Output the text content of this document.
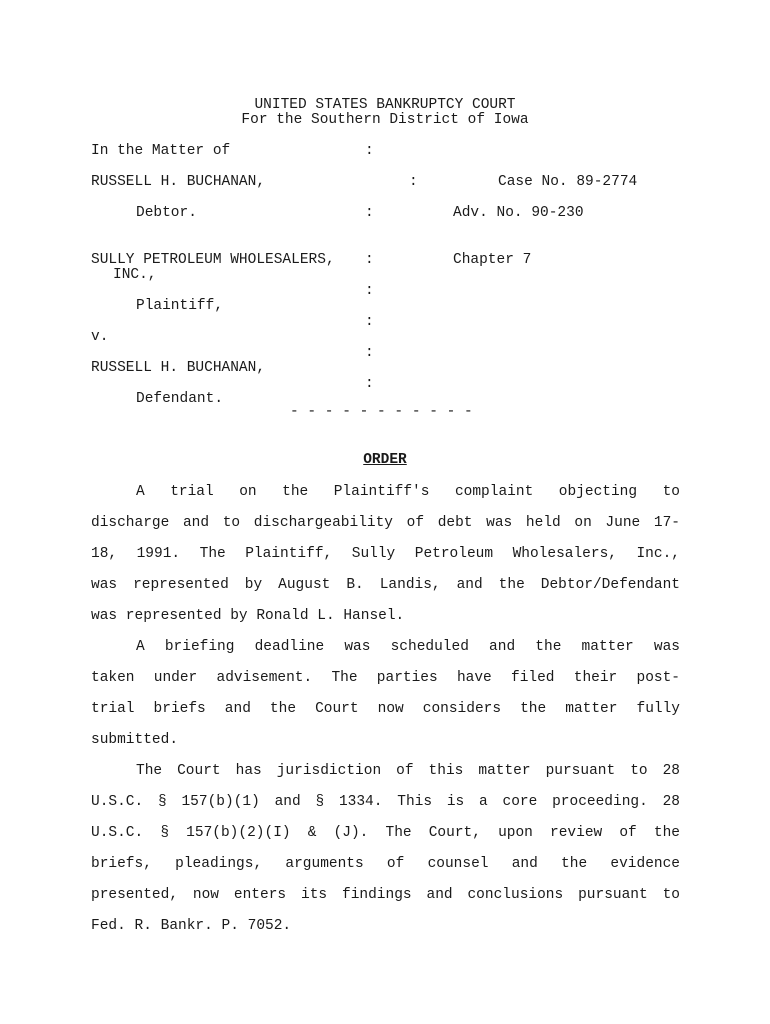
UNITED STATES BANKRUPTCY COURT
For the Southern District of Iowa
In the Matter of	:
RUSSELL H. BUCHANAN,	:	Case No. 89-2774
Debtor.	:	Adv. No. 90-230
SULLY PETROLEUM WHOLESALERS, :	Chapter 7
INC.,
:
Plaintiff,
:
v.
:
RUSSELL H. BUCHANAN,
:
Defendant.
- - - - - - - - - - -
ORDER
A trial on the Plaintiff's complaint objecting to
discharge and to dischargeability of debt was held on June 17-
18, 1991. The Plaintiff, Sully Petroleum Wholesalers, Inc.,
was represented by August B. Landis, and the Debtor/Defendant
was represented by Ronald L. Hansel.
A briefing deadline was scheduled and the matter was
taken under advisement. The parties have filed their post-
trial briefs and the Court now considers the matter fully
submitted.
The Court has jurisdiction of this matter pursuant to 28
U.S.C. § 157(b)(1) and § 1334. This is a core proceeding. 28
U.S.C. § 157(b)(2)(I) & (J). The Court, upon review of the
briefs, pleadings, arguments of counsel and the evidence
presented, now enters its findings and conclusions pursuant to
Fed. R. Bankr. P. 7052.
